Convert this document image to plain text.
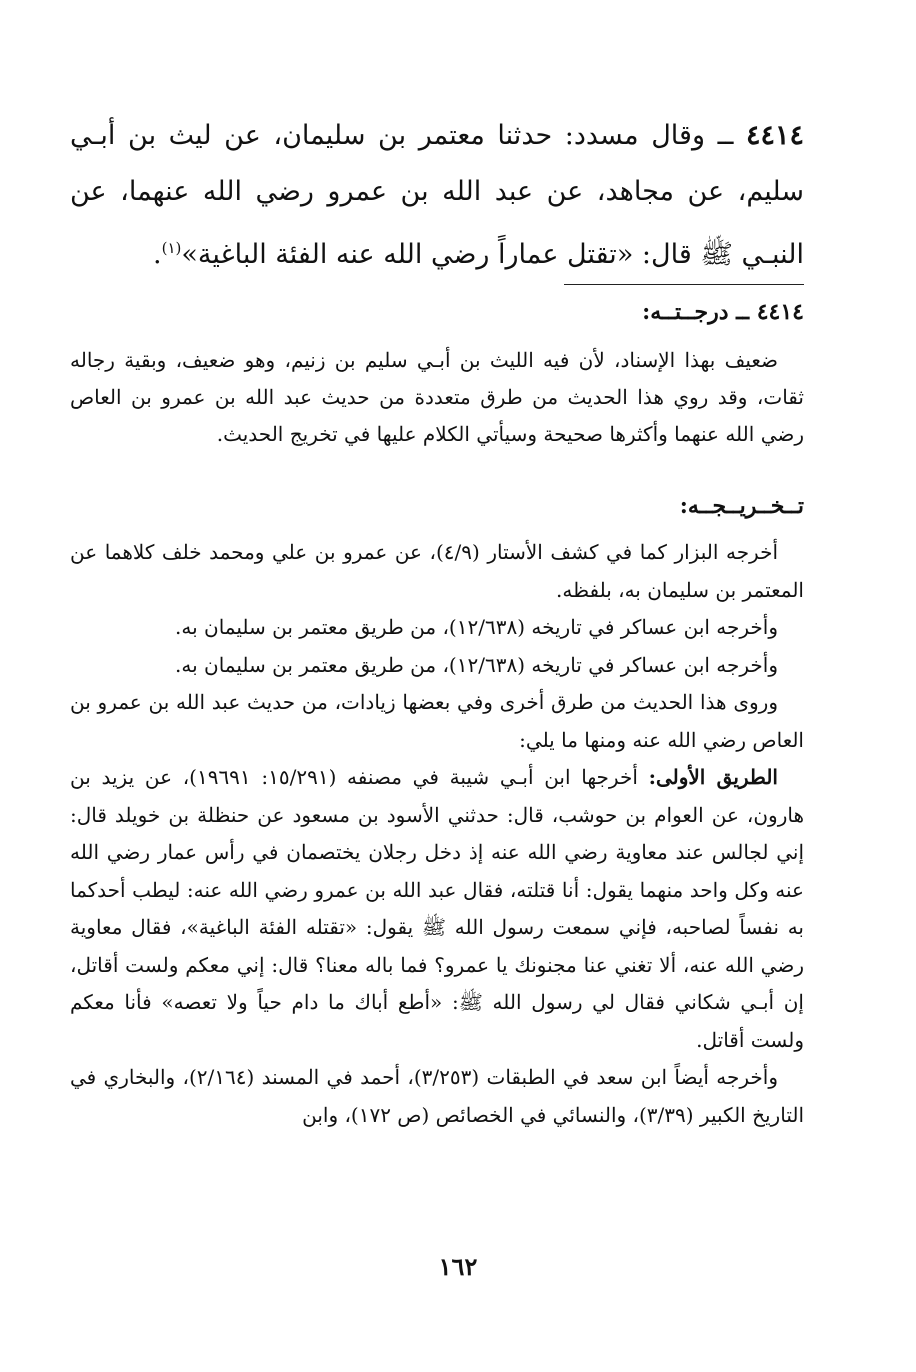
٤٤١٤ ــ وقال مسدد: حدثنا معتمر بن سليمان، عن ليث بن أبـي سليم، عن مجاهد، عن عبد الله بن عمرو رضي الله عنهما، عن النبـي ﷺ قال: «تقتل عماراً رضي الله عنه الفئة الباغية»$^{(١)}$.
٤٤١٤ ــ درجــتــه:

ضعيف بهذا الإسناد، لأن فيه الليث بن أبـي سليم بن زنيم، وهو ضعيف، وبقية رجاله ثقات، وقد روي هذا الحديث من طرق متعددة من حديث عبد الله بن عمرو بن العاص رضي الله عنهما وأكثرها صحيحة وسيأتي الكلام عليها في تخريج الحديث.

تــخــريــجــه:

أخرجه البزار كما في كشف الأستار (٤/٩)، عن عمرو بن علي ومحمد خلف كلاهما عن المعتمر بن سليمان به، بلفظه.

وأخرجه ابن عساكر في تاريخه (١٢/٦٣٨)، من طريق معتمر بن سليمان به.

وأخرجه ابن عساكر في تاريخه (١٢/٦٣٨)، من طريق معتمر بن سليمان به.

وروى هذا الحديث من طرق أخرى وفي بعضها زيادات، من حديث عبد الله بن عمرو بن العاص رضي الله عنه ومنها ما يلي:

الطريق الأولى: أخرجها ابن أبـي شيبة في مصنفه (١٥/٢٩١: ١٩٦٩١)، عن يزيد بن هارون، عن العوام بن حوشب، قال: حدثني الأسود بن مسعود عن حنظلة بن خويلد قال: إني لجالس عند معاوية رضي الله عنه إذ دخل رجلان يختصمان في رأس عمار رضي الله عنه وكل واحد منهما يقول: أنا قتلته، فقال عبد الله بن عمرو رضي الله عنه: ليطب أحدكما به نفساً لصاحبه، فإني سمعت رسول الله ﷺ يقول: «تقتله الفئة الباغية»، فقال معاوية رضي الله عنه، ألا تغني عنا مجنونك يا عمرو؟ فما باله معنا؟ قال: إني معكم ولست أقاتل، إن أبـي شكاني فقال لي رسول الله ﷺ: «أطع أباك ما دام حياً ولا تعصه» فأنا معكم ولست أقاتل.

وأخرجه أيضاً ابن سعد في الطبقات (٣/٢٥٣)، أحمد في المسند (٢/١٦٤)، والبخاري في التاريخ الكبير (٣/٣٩)، والنسائي في الخصائص (ص ١٧٢)، وابن

١٦٢
